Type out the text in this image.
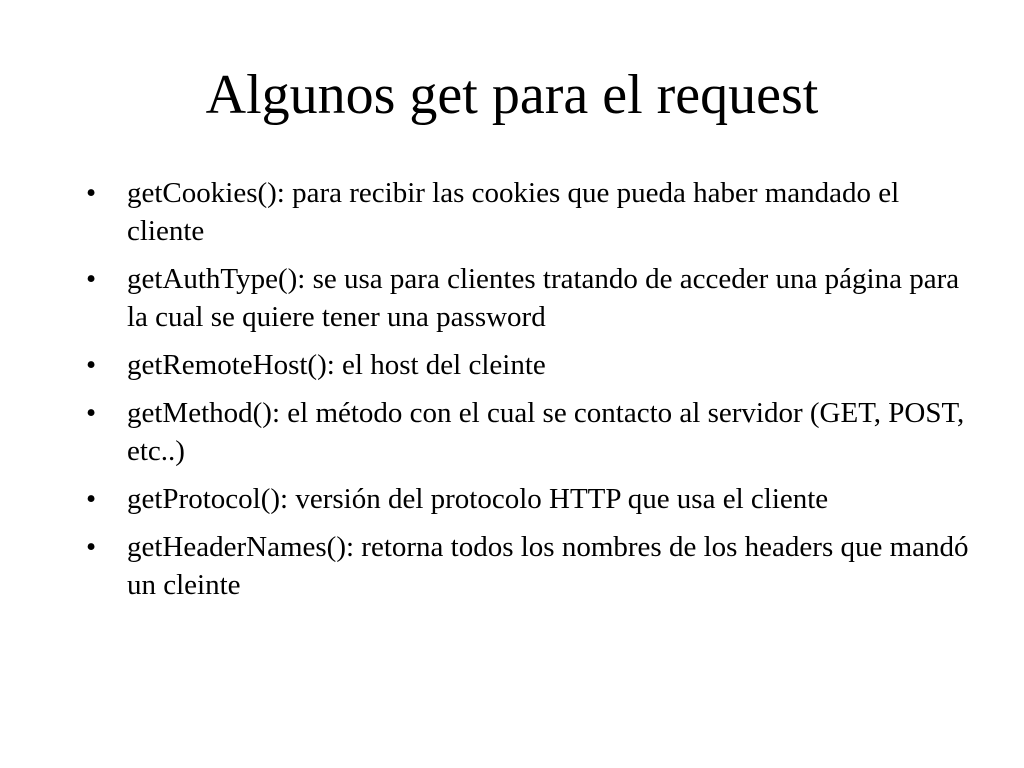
Algunos get para el request
• getCookies(): para recibir las cookies que pueda haber mandado el cliente
• getAuthType(): se usa para clientes tratando de acceder una página para la cual se quiere tener una password
• getRemoteHost(): el host del cleinte
• getMethod(): el método con el cual se contacto al servidor (GET, POST, etc..)
• getProtocol(): versión del protocolo HTTP que usa el cliente
• getHeaderNames(): retorna todos los nombres de los headers que mandó un cleinte
